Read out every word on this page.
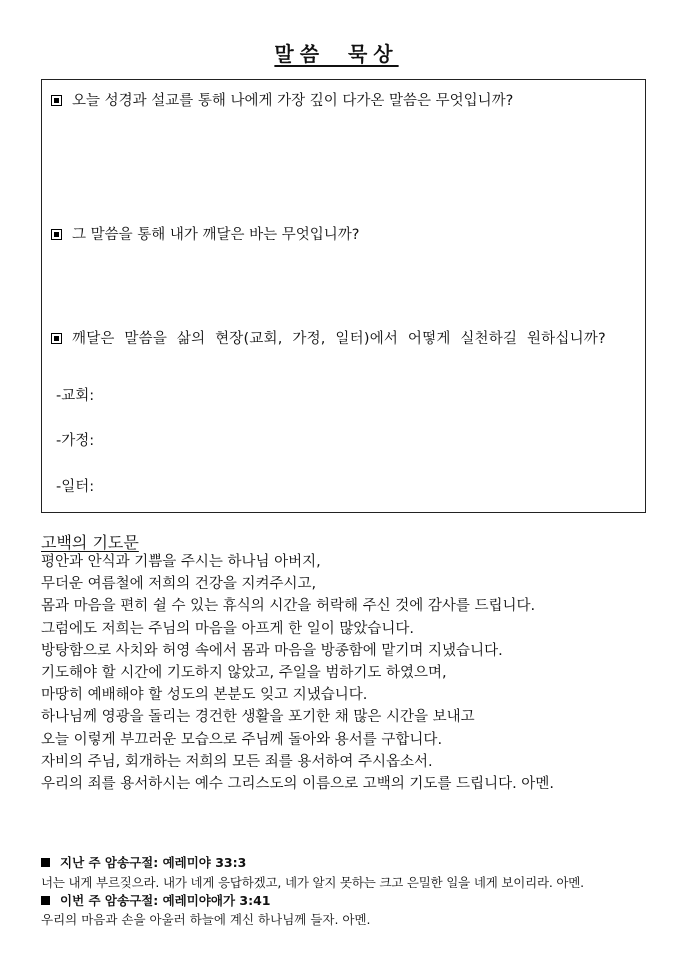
말씀 묵상
오늘 성경과 설교를 통해 나에게 가장 깊이 다가온 말씀은 무엇입니까?
그 말씀을 통해 내가 깨달은 바는 무엇입니까?
깨달은 말씀을 삶의 현장(교회, 가정, 일터)에서 어떻게 실천하길 원하십니까?
-교회:
-가정:
-일터:
고백의 기도문
평안과 안식과 기쁨을 주시는 하나님 아버지,
무더운 여름철에 저희의 건강을 지켜주시고,
몸과 마음을 편히 쉴 수 있는 휴식의 시간을 허락해 주신 것에 감사를 드립니다.
그럼에도 저희는 주님의 마음을 아프게 한 일이 많았습니다.
방탕함으로 사치와 허영 속에서 몸과 마음을 방종함에 맡기며 지냈습니다.
기도해야 할 시간에 기도하지 않았고, 주일을 범하기도 하였으며,
마땅히 예배해야 할 성도의 본분도 잊고 지냈습니다.
하나님께 영광을 돌리는 경건한 생활을 포기한 채 많은 시간을 보내고
오늘 이렇게 부끄러운 모습으로 주님께 돌아와 용서를 구합니다.
자비의 주님, 회개하는 저희의 모든 죄를 용서하여 주시옵소서.
우리의 죄를 용서하시는 예수 그리스도의 이름으로 고백의 기도를 드립니다. 아멘.
지난 주 암송구절: 예레미야 33:3
너는 내게 부르짖으라. 내가 네게 응답하겠고, 네가 알지 못하는 크고 은밀한 일을 네게 보이리라. 아멘.
이번 주 암송구절: 예레미야애가 3:41
우리의 마음과 손을 아울러 하늘에 계신 하나님께 들자. 아멘.
